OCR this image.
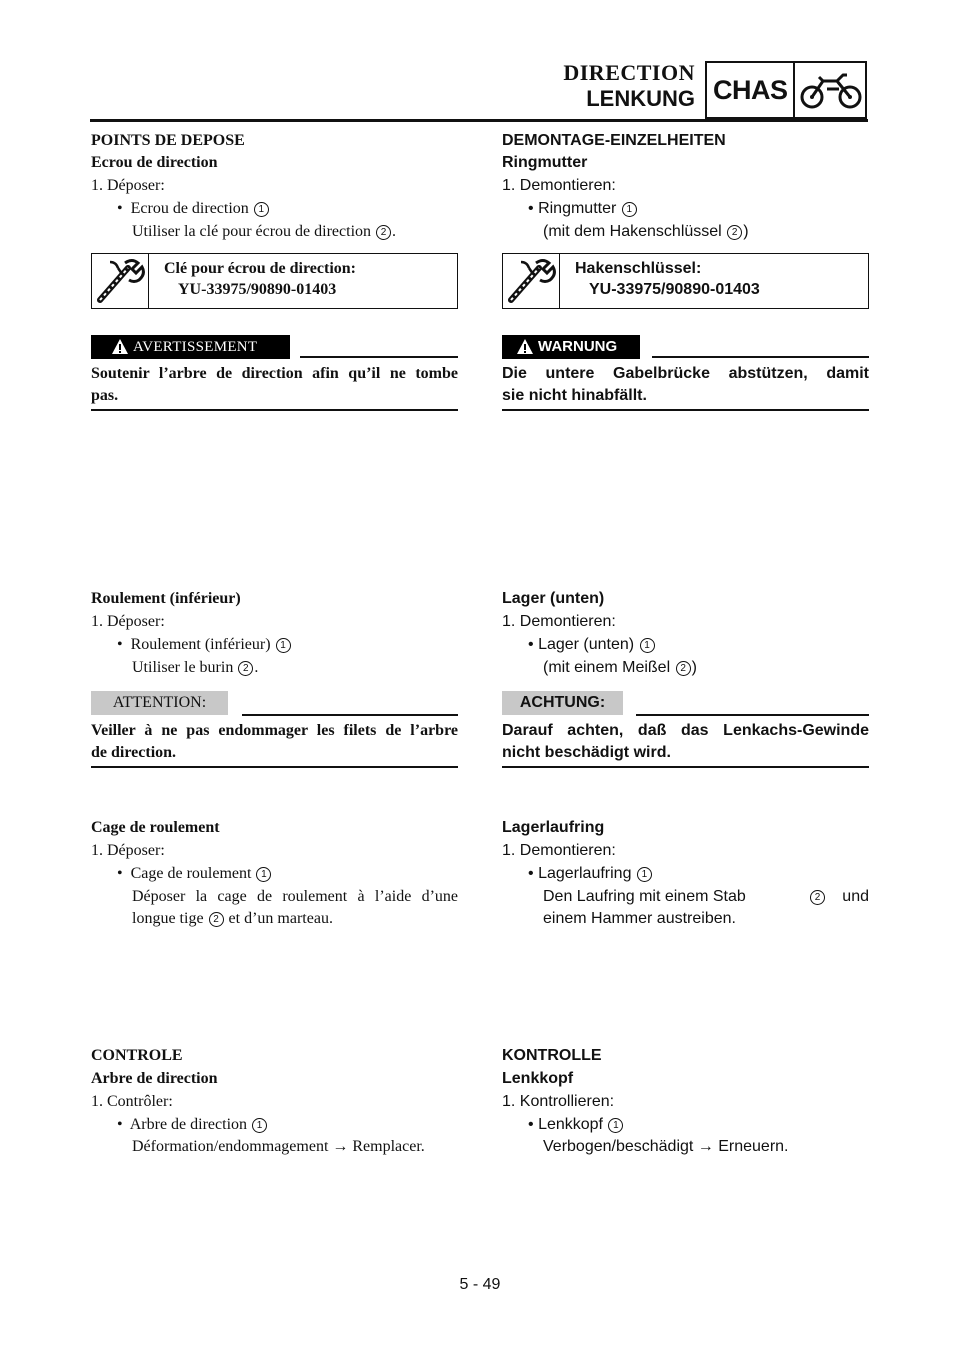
DIRECTION
LENKUNG CHAS
POINTS DE DEPOSE
Ecrou de direction
1. Déposer:
• Ecrou de direction 1
Utiliser la clé pour écrou de direction 2 .
Clé pour écrou de direction:
YU-33975/90890-01403
AVERTISSEMENT
Soutenir l’arbre de direction afin qu’il ne tombe
pas.
Roulement (inférieur)
1. Déposer:
• Roulement (inférieur) 1
Utiliser le burin 2 .
ATTENTION:
Veiller à ne pas endommager les filets de l’arbre
de direction.
Cage de roulement
1. Déposer:
• Cage de roulement 1
Déposer la cage de roulement à l’aide d’une
longue tige 2 et d’un marteau.
CONTROLE
Arbre de direction
1. Contrôler:
• Arbre de direction 1
Déformation/endommagement → Remplacer.
DEMONTAGE-EINZELHEITEN
Ringmutter
1. Demontieren:
• Ringmutter 1
(mit dem Hakenschlüssel 2 )
Hakenschlüssel:
YU-33975/90890-01403
WARNUNG
Die untere Gabelbrücke abstützen, damit
sie nicht hinabfällt.
Lager (unten)
1. Demontieren:
• Lager (unten) 1
(mit einem Meißel 2 )
ACHTUNG:
Darauf achten, daß das Lenkachs-Gewinde
nicht beschädigt wird.
Lagerlaufring
1. Demontieren:
• Lagerlaufring 1
Den Laufring mit einem Stab	2 und
einem Hammer austreiben.
KONTROLLE
Lenkkopf
1. Kontrollieren:
• Lenkkopf 1
Verbogen/beschädigt → Erneuern.
5 - 49
